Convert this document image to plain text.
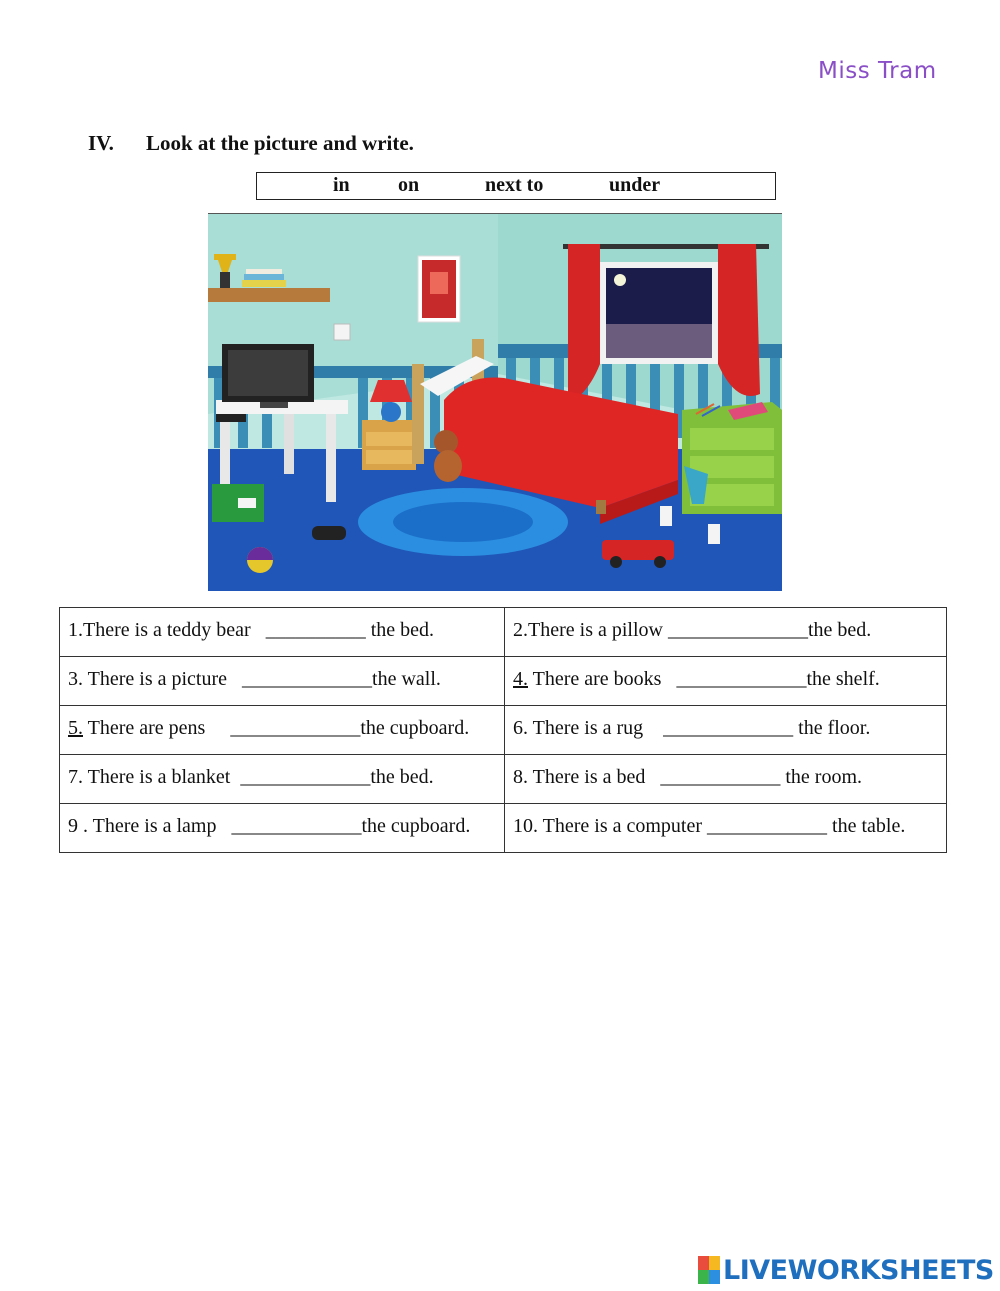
Miss Tram
IV. Look at the picture and write.
in on	next to	under
1.There is a teddy bear __________ the bed.	2.There is a pillow ______________the bed.
3. There is a picture _____________the wall.	4. There are books _____________the shelf.
5. There are pens _____________the cupboard.	6. There is a rug _____________ the floor.
7. There is a blanket _____________the bed.	8. There is a bed ____________ the room.
9 . There is a lamp _____________the cupboard.	10. There is a computer ____________ the table.
LIVEWORKSHEETS
